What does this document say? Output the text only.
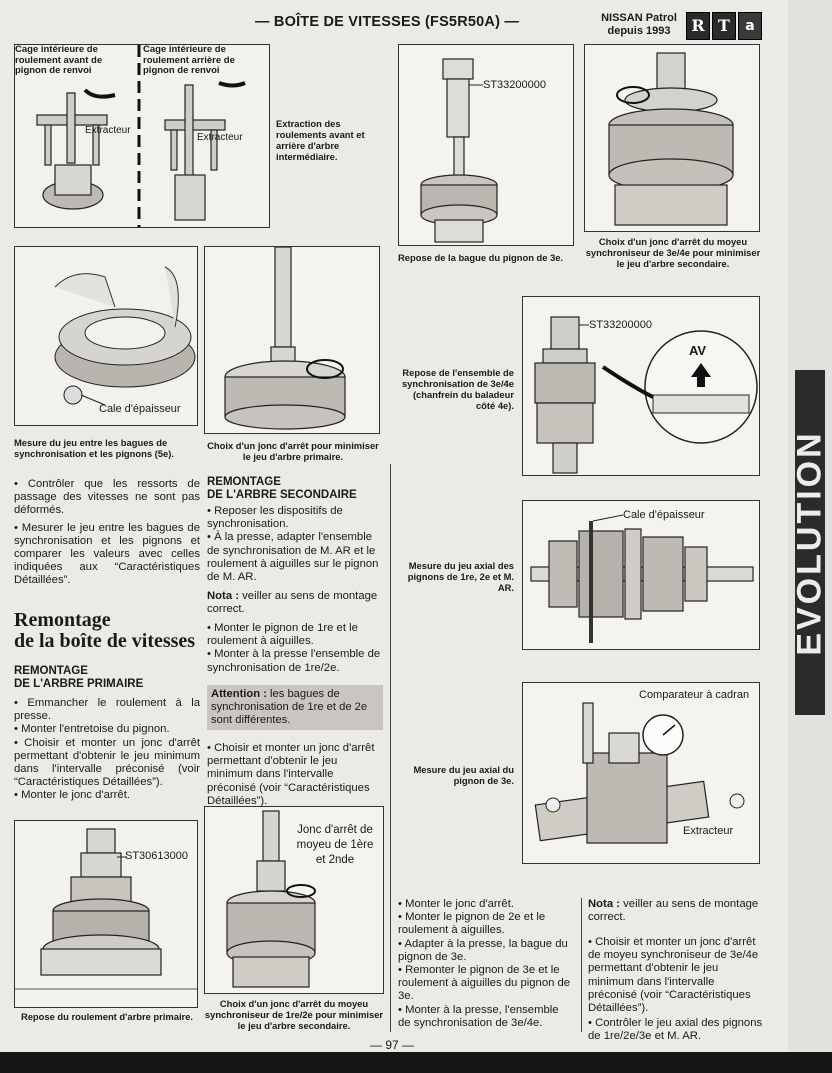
EVOLUTION
— BOÎTE DE VITESSES (FS5R50A) —	NISSAN Patrol
depuis 1993	R T	a
Cage intérieure de roulement avant de pignon de renvoi
Cage intérieure de roulement arrière de pignon de renvoi
Extracteur
Extracteur
Extraction des roulements avant et arrière d'arbre intermédiaire.
ST33200000
Repose de la bague du pignon de 3e.
Choix d'un jonc d'arrêt du moyeu synchroniseur de 3e/4e pour minimiser le jeu d'arbre secondaire.
Cale d'épaisseur
Mesure du jeu entre les bagues de synchronisation et les pignons (5e).
Choix d'un jonc d'arrêt pour minimiser le jeu d'arbre primaire.
ST33200000
AV
Repose de l'ensemble de synchronisation de 3e/4e (chanfrein du baladeur côté 4e).
Cale d'épaisseur
Mesure du jeu axial des pignons de 1re, 2e et M. AR.
Comparateur à cadran
Extracteur
Mesure du jeu axial du pignon de 3e.
ST30613000
Repose du roulement d'arbre primaire.
Jonc d'arrêt de
moyeu de 1ère
et 2nde
Choix d'un jonc d'arrêt du moyeu synchroniseur de 1re/2e pour minimiser le jeu d'arbre secondaire.

• Contrôler que les ressorts de passage des vitesses ne sont pas déformés.

• Mesurer le jeu entre les bagues de synchronisation et les pignons et comparer les valeurs avec celles indiquées aux “Caractéristiques Détaillées”.

Remontage
de la boîte de vitesses
REMONTAGE
DE L'ARBRE PRIMAIRE

• Emmancher le roulement à la presse.

• Monter l'entretoise du pignon.

• Choisir et monter un jonc d'arrêt permettant d'obtenir le jeu minimum dans l'intervalle préconisé (voir “Caractéristiques Détaillées”).

• Monter le jonc d'arrêt.

REMONTAGE
DE L'ARBRE SECONDAIRE

• Reposer les dispositifs de synchronisation.

• À la presse, adapter l'ensemble de synchronisation de M. AR et le roulement à aiguilles sur le pignon de M. AR.

Nota : veiller au sens de montage correct.

• Monter le pignon de 1re et le roulement à aiguilles.

• Monter à la presse l'ensemble de synchronisation de 1re/2e.

Attention : les bagues de synchronisation de 1re et de 2e sont différentes.

• Choisir et monter un jonc d'arrêt permettant d'obtenir le jeu minimum dans l'intervalle préconisé (voir “Caractéristiques Détaillées”).

• Monter le jonc d'arrêt.

• Monter le pignon de 2e et le roulement à aiguilles.

• Adapter à la presse, la bague du pignon de 3e.

• Remonter le pignon de 3e et le roulement à aiguilles du pignon de 3e.

• Monter à la presse, l'ensemble de synchronisation de 3e/4e.

Nota : veiller au sens de montage correct.

• Choisir et monter un jonc d'arrêt de moyeu synchroniseur de 3e/4e permettant d'obtenir le jeu minimum dans l'intervalle préconisé (voir “Caractéristiques Détaillées”).

• Contrôler le jeu axial des pignons de 1re/2e/3e et M. AR.

— 97 —
